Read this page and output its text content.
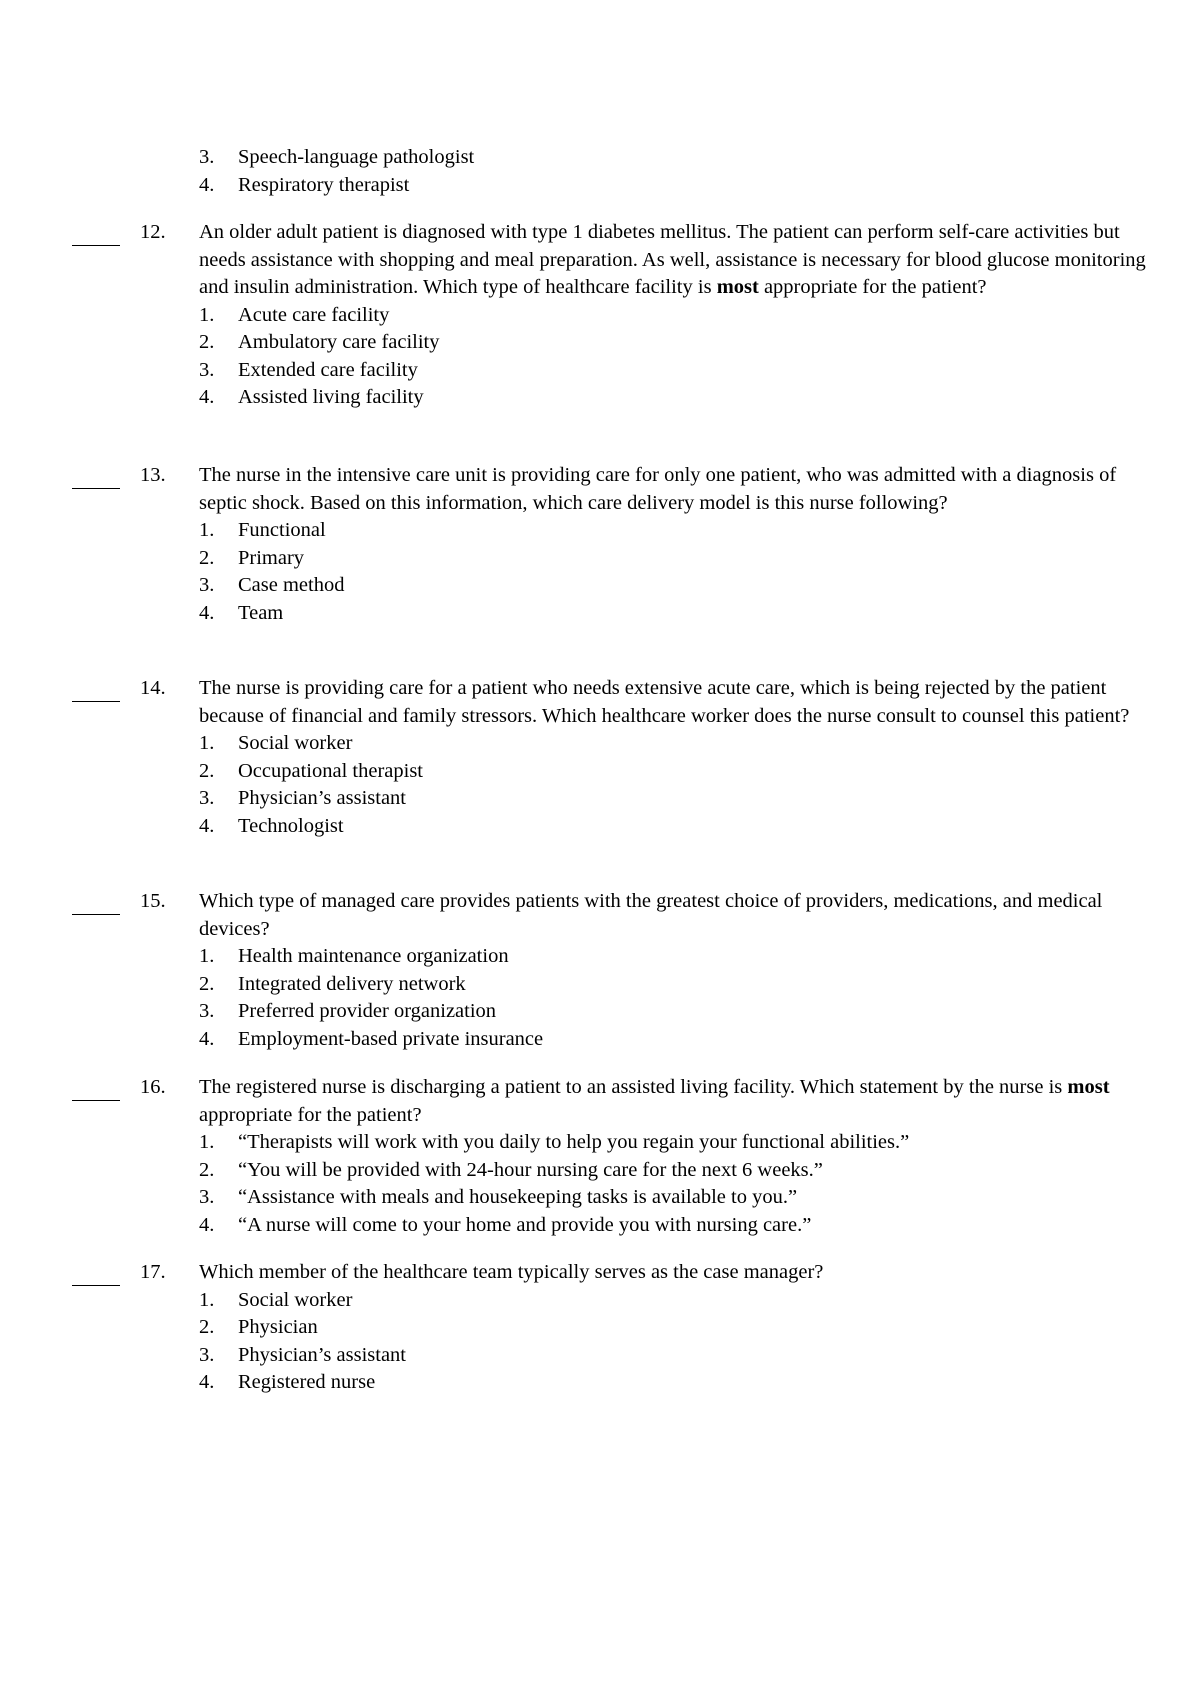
3. Speech-language pathologist
4. Respiratory therapist
12.	An older adult patient is diagnosed with type 1 diabetes mellitus. The patient can perform self-care activities but needs assistance with shopping and meal preparation. As well, assistance is necessary for blood glucose monitoring and insulin administration. Which type of healthcare facility is most appropriate for the patient?
1. Acute care facility
2. Ambulatory care facility
3. Extended care facility
4. Assisted living facility
13.	The nurse in the intensive care unit is providing care for only one patient, who was admitted with a diagnosis of septic shock. Based on this information, which care delivery model is this nurse following?
1. Functional
2. Primary
3. Case method
4. Team
14.	The nurse is providing care for a patient who needs extensive acute care, which is being rejected by the patient because of financial and family stressors. Which healthcare worker does the nurse consult to counsel this patient?
1. Social worker
2. Occupational therapist
3. Physician’s assistant
4. Technologist
15.	Which type of managed care provides patients with the greatest choice of providers, medications, and medical devices?
1. Health maintenance organization
2. Integrated delivery network
3. Preferred provider organization
4. Employment-based private insurance
16.	The registered nurse is discharging a patient to an assisted living facility. Which statement by the nurse is most appropriate for the patient?
1. “Therapists will work with you daily to help you regain your functional abilities.”
2. “You will be provided with 24-hour nursing care for the next 6 weeks.”
3. “Assistance with meals and housekeeping tasks is available to you.”
4. “A nurse will come to your home and provide you with nursing care.”
17.	Which member of the healthcare team typically serves as the case manager?
1. Social worker
2. Physician
3. Physician’s assistant
4. Registered nurse
